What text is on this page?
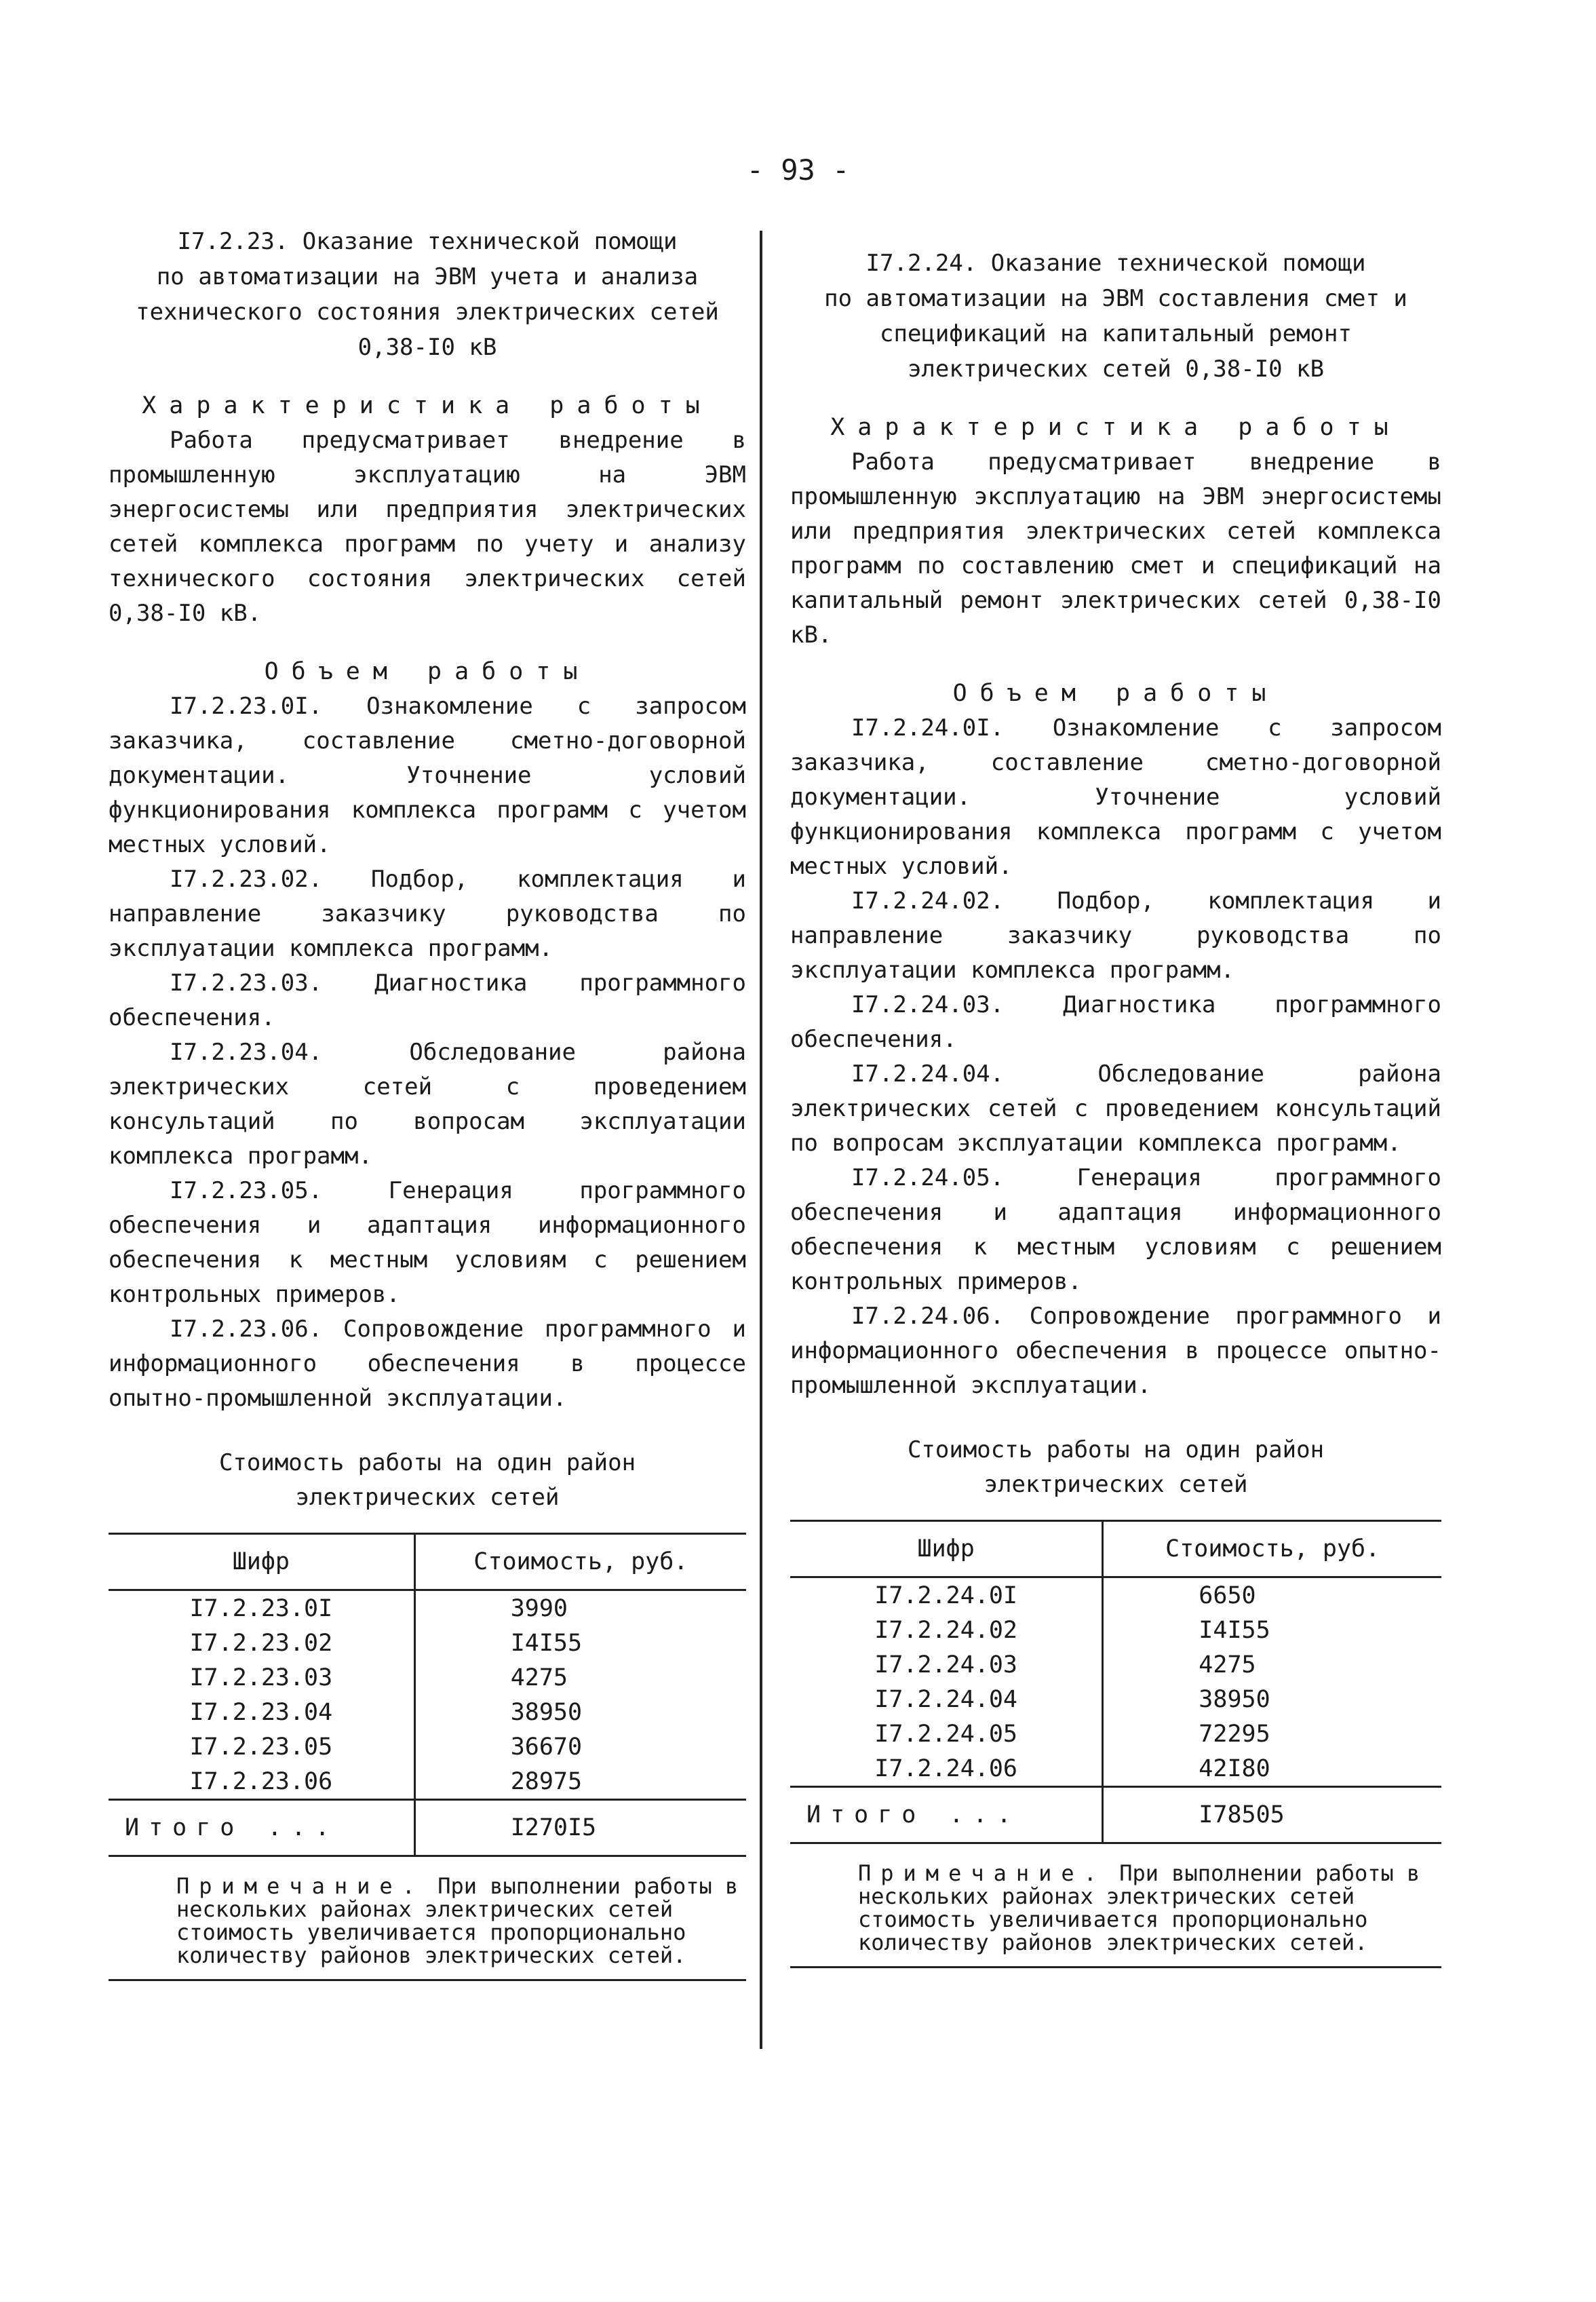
- 93 -

I7.2.23. Оказание технической помощи

по автоматизации на ЭВМ учета и анализа

технического состояния электрических сетей

0,38-I0 кВ

Характеристика работы

Работа предусматривает внедрение в промышленную эксплуатацию на ЭВМ энергосистемы или предприятия электрических сетей комплекса программ по учету и анализу технического состояния электрических сетей 0,38-I0 кВ.

Объем работы

I7.2.23.0I. Ознакомление с запросом заказчика, составление сметно-договорной документации. Уточнение условий функционирования комплекса программ с учетом местных условий.

I7.2.23.02. Подбор, комплектация и направление заказчику руководства по эксплуатации комплекса программ.

I7.2.23.03. Диагностика программного обеспечения.

I7.2.23.04. Обследование района электрических сетей с проведением консультаций по вопросам эксплуатации комплекса программ.

I7.2.23.05. Генерация программного обеспечения и адаптация информационного обеспечения к местным условиям с решением контрольных примеров.

I7.2.23.06. Сопровождение программного и информационного обеспечения в процессе опытно-промышленной эксплуатации.

Стоимость работы на один район

электрических сетей

Шифр	Стоимость, руб.
I7.2.23.0I	3990
I7.2.23.02	I4I55
I7.2.23.03	4275
I7.2.23.04	38950
I7.2.23.05	36670
I7.2.23.06	28975
Итого ...	I270I5
Примечание. При выполнении работы в нескольких районах электрических сетей стоимость увеличивается пропорционально количеству районов электрических сетей.

I7.2.24. Оказание технической помощи

по автоматизации на ЭВМ составления смет и

спецификаций на капитальный ремонт

электрических сетей 0,38-I0 кВ

Характеристика работы

Работа предусматривает внедрение в промышленную эксплуатацию на ЭВМ энергосистемы или предприятия электрических сетей комплекса программ по составлению смет и спецификаций на капитальный ремонт электрических сетей 0,38-I0 кВ.

Объем работы

I7.2.24.0I. Ознакомление с запросом заказчика, составление сметно-договорной документации. Уточнение условий функционирования комплекса программ с учетом местных условий.

I7.2.24.02. Подбор, комплектация и направление заказчику руководства по эксплуатации комплекса программ.

I7.2.24.03. Диагностика программного обеспечения.

I7.2.24.04. Обследование района электрических сетей с проведением консультаций по вопросам эксплуатации комплекса программ.

I7.2.24.05. Генерация программного обеспечения и адаптация информационного обеспечения к местным условиям с решением контрольных примеров.

I7.2.24.06. Сопровождение программного и информационного обеспечения в процессе опытно-промышленной эксплуатации.

Стоимость работы на один район

электрических сетей

Шифр	Стоимость, руб.
I7.2.24.0I	6650
I7.2.24.02	I4I55
I7.2.24.03	4275
I7.2.24.04	38950
I7.2.24.05	72295
I7.2.24.06	42I80
Итого ...	I78505
Примечание. При выполнении работы в нескольких районах электрических сетей стоимость увеличивается пропорционально количеству районов электрических сетей.
